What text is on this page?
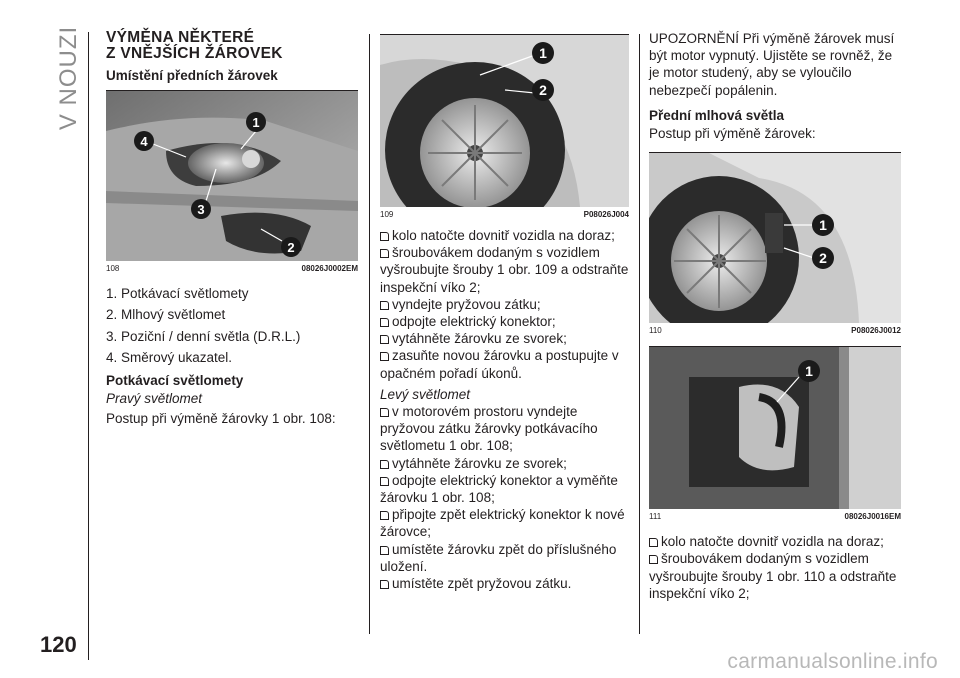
V NOUZI
120
carmanualsonline.info
VÝMĚNA NĚKTERÉ
Z VNĚJŠÍCH ŽÁROVEK
Umístění předních žárovek
1
4
3
2
108	08026J0002EM
1. Potkávací světlomety
2. Mlhový světlomet
3. Poziční / denní světla (D.R.L.)
4. Směrový ukazatel.
Potkávací světlomety
Pravý světlomet

Postup při výměně žárovky 1 obr. 108:

1
2
109	P08026J004
kolo natočte dovnitř vozidla na doraz;
šroubovákem dodaným s vozidlem vyšroubujte šrouby 1 obr. 109 a odstraňte inspekční víko 2;
vyndejte pryžovou zátku;
odpojte elektrický konektor;
vytáhněte žárovku ze svorek;
zasuňte novou žárovku a postupujte v opačném pořadí úkonů.
Levý světlomet
v motorovém prostoru vyndejte pryžovou zátku žárovky potkávacího světlometu 1 obr. 108;
vytáhněte žárovku ze svorek;
odpojte elektrický konektor a vyměňte žárovku 1 obr. 108;
připojte zpět elektrický konektor k nové žárovce;
umístěte žárovku zpět do příslušného uložení.
umístěte zpět pryžovou zátku.

UPOZORNĚNÍ Při výměně žárovek musí být motor vypnutý. Ujistěte se rovněž, že je motor studený, aby se vyloučilo nebezpečí popálenin.

Přední mlhová světla

Postup při výměně žárovek:

1
2
110	P08026J0012
1
111	08026J0016EM
kolo natočte dovnitř vozidla na doraz;
šroubovákem dodaným s vozidlem vyšroubujte šrouby 1 obr. 110 a odstraňte inspekční víko 2;
